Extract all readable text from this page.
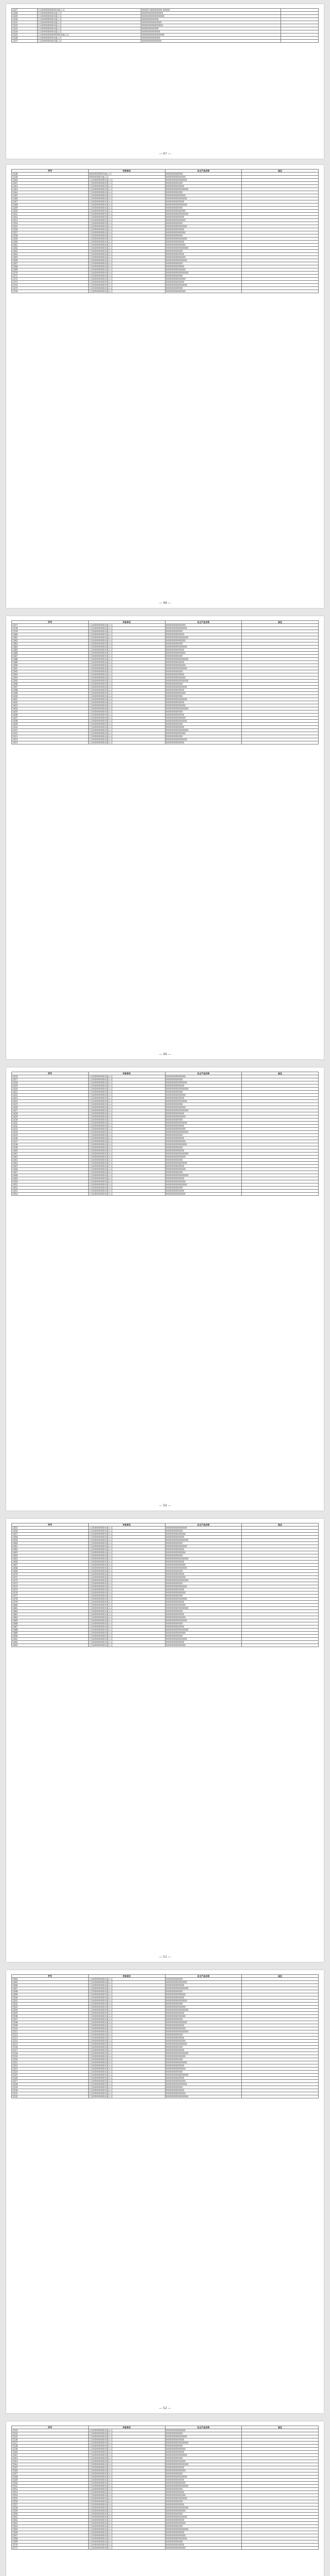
1327	江苏XXXXXXXXXX有限公司	XXXXX XXXXXXXXX XXXXX	
1328	江苏XXXXXXXX有限公司	XXXXXXXXXXXXXXX	
1329	江苏XXXXXXXX有限公司	XXXXXXXXXXXXXXXX	
1330	江苏XXXXXXXX有限公司	XXXXXXXXXXXX	
1331	江苏XXXXXXXX有限公司	XXXXXXXXXXXXXX	
1332	江苏XXXXXXXX有限公司	XXXXXXXXXXXXXXX	
1333	江苏XXXXXXXX有限公司	XXXXXXXXXXXX	
1334	江苏XXXXXXXX有限公司	XXXXXXXXXXXXX	
1335	江苏XXXXXXXXXXXXX有限公司	XXXXXXXXXXXXXXXX	
1336	江苏XXXXXXXX有限公司	XXXXXXXXXXXXX	
1337	江苏XXXXXXXX有限公司	XXXXXXXXXXXXXX	
— 47 —
序号	申报单位	自主产品名称	备注
1338	XXXXXXXXXX有限公司	XXXXXXXXXXXX	
1339	XXXXXXXX有限公司	XXXXXXXXXXXXXX	
1340	江苏XXXXXXXX有限公司	XXXXXXXXXXXXXXX	
1341	江苏XXXXXXXX有限公司	XXXXXXXXXXXX	
1342	江苏XXXXXXXX有限公司	XXXXXXXXXXXXX	
1343	江苏XXXXXXXX有限公司	XXXXXXXXXXXXXXXX	
1344	江苏XXXXXXXX有限公司	XXXXXXXXXXXX	
1345	江苏XXXXXXXX有限公司	XXXXXXXXXXXXXX	
1346	江苏XXXXXXXX有限公司	XXXXXXXXXXXXXXX	
1347	江苏XXXXXXXX有限公司	XXXXXXXXXXXXX	
1348	江苏XXXXXXXX有限公司	XXXXXXXXXXXXXXX	
1349	江苏XXXXXXXX有限公司	XXXXXXXXXXXX	
1350	江苏XXXXXXXX有限公司	XXXXXXXXXXXXXX	
1351	江苏XXXXXXXX有限公司	XXXXXXXXXXXXXXXX	
1352	江苏XXXXXXXX有限公司	XXXXXXXXXXXXX	
1353	江苏XXXXXXXX有限公司	XXXXXXXXXXXXXX	
1354	江苏XXXXXXXX有限公司	XXXXXXXXXXXX	
1355	江苏XXXXXXXX有限公司	XXXXXXXXXXXXXXX	
1356	江苏XXXXXXXX有限公司	XXXXXXXXXXXXX	
1357	江苏XXXXXXXX有限公司	XXXXXXXXXXXXXX	
1358	江苏XXXXXXXX有限公司	XXXXXXXXXXXX	
1359	江苏XXXXXXXX有限公司	XXXXXXXXXXXXXXX	
1360	江苏XXXXXXXX有限公司	XXXXXXXXXXXXX	
1361	江苏XXXXXXXX有限公司	XXXXXXXXXXXXXX	
1362	江苏XXXXXXXX有限公司	XXXXXXXXXXXXXXXX	
1363	江苏XXXXXXXX有限公司	XXXXXXXXXXXX	
1364	江苏XXXXXXXX有限公司	XXXXXXXXXXXXX	
1365	江苏XXXXXXXX有限公司	XXXXXXXXXXXXXX	
1366	江苏XXXXXXXX有限公司	XXXXXXXXXXXXXXX	
1367	江苏XXXXXXXX有限公司	XXXXXXXXXXXX	
1368	江苏XXXXXXXX有限公司	XXXXXXXXXXXXX	
1369	江苏XXXXXXXX有限公司	XXXXXXXXXXXXXX	
1370	江苏XXXXXXXX有限公司	XXXXXXXXXXXXXXXX	
1371	江苏XXXXXXXX有限公司	XXXXXXXXXXXX	
1372	江苏XXXXXXXX有限公司	XXXXXXXXXXXXXX	
1373	江苏XXXXXXXX有限公司	XXXXXXXXXXXXX	
1374	江苏XXXXXXXX有限公司	XXXXXXXXXXXXXXX	
1375	江苏XXXXXXXX有限公司	XXXXXXXXXXXX	
1376	江苏XXXXXXXX有限公司	XXXXXXXXXXXXXX	
— 48 —
序号	申报单位	自主产品名称	备注
1377	江苏XXXXXXXX有限公司	XXXXXXXXXXXXXX	
1378	江苏XXXXXXXX有限公司	XXXXXXXXXXXXXXX	
1379	江苏XXXXXXXX有限公司	XXXXXXXXXXXX	
1380	江苏XXXXXXXX有限公司	XXXXXXXXXXXXX	
1381	江苏XXXXXXXX有限公司	XXXXXXXXXXXXXXXX	
1382	江苏XXXXXXXX有限公司	XXXXXXXXXXXXXX	
1383	江苏XXXXXXXX有限公司	XXXXXXXXXXXX	
1384	江苏XXXXXXXX有限公司	XXXXXXXXXXXXXXX	
1385	江苏XXXXXXXX有限公司	XXXXXXXXXXXXX	
1386	江苏XXXXXXXX有限公司	XXXXXXXXXXXXXX	
1387	江苏XXXXXXXX有限公司	XXXXXXXXXXXX	
1388	江苏XXXXXXXX有限公司	XXXXXXXXXXXXXXXX	
1389	江苏XXXXXXXX有限公司	XXXXXXXXXXXXX	
1390	江苏XXXXXXXX有限公司	XXXXXXXXXXXXXX	
1391	江苏XXXXXXXX有限公司	XXXXXXXXXXXXXXX	
1392	江苏XXXXXXXX有限公司	XXXXXXXXXXXX	
1393	江苏XXXXXXXX有限公司	XXXXXXXXXXXXX	
1394	江苏XXXXXXXX有限公司	XXXXXXXXXXXXXX	
1395	江苏XXXXXXXX有限公司	XXXXXXXXXXXXXXXX	
1396	江苏XXXXXXXX有限公司	XXXXXXXXXXXX	
1397	江苏XXXXXXXX有限公司	XXXXXXXXXXXXXXX	
1398	江苏XXXXXXXX有限公司	XXXXXXXXXXXXX	
1399	江苏XXXXXXXX有限公司	XXXXXXXXXXXXXX	
1400	江苏XXXXXXXX有限公司	XXXXXXXXXXXX	
1401	江苏XXXXXXXX有限公司	XXXXXXXXXXXXXXX	
1402	江苏XXXXXXXX有限公司	XXXXXXXXXXXXX	
1403	江苏XXXXXXXX有限公司	XXXXXXXXXXXXXX	
1404	江苏XXXXXXXX有限公司	XXXXXXXXXXXXXXXX	
1405	江苏XXXXXXXX有限公司	XXXXXXXXXXXX	
1406	江苏XXXXXXXX有限公司	XXXXXXXXXXXXX	
1407	江苏XXXXXXXX有限公司	XXXXXXXXXXXXXX	
1408	江苏XXXXXXXX有限公司	XXXXXXXXXXXXXXX	
1409	江苏XXXXXXXX有限公司	XXXXXXXXXXXX	
1410	江苏XXXXXXXX有限公司	XXXXXXXXXXXXX	
1411	江苏XXXXXXXX有限公司	XXXXXXXXXXXXXXXX	
1412	江苏XXXXXXXX有限公司	XXXXXXXXXXXXXX	
1413	江苏XXXXXXXX有限公司	XXXXXXXXXXXX	
1414	江苏XXXXXXXX有限公司	XXXXXXXXXXXXXXX	
1415	江苏XXXXXXXX有限公司	XXXXXXXXXXXXX	
— 49 —
序号	申报单位	自主产品名称	备注
1416	江苏XXXXXXXX有限公司	XXXXXXXXXXXXXX	
1417	江苏XXXXXXXX有限公司	XXXXXXXXXXXX	
1418	江苏XXXXXXXX有限公司	XXXXXXXXXXXXXXX	
1419	江苏XXXXXXXX有限公司	XXXXXXXXXXXXX	
1420	江苏XXXXXXXX有限公司	XXXXXXXXXXXXXXXX	
1421	江苏XXXXXXXX有限公司	XXXXXXXXXXXX	
1422	江苏XXXXXXXX有限公司	XXXXXXXXXXXXXX	
1423	江苏XXXXXXXX有限公司	XXXXXXXXXXXXX	
1424	江苏XXXXXXXX有限公司	XXXXXXXXXXXXXXX	
1425	江苏XXXXXXXX有限公司	XXXXXXXXXXXX	
1426	江苏XXXXXXXX有限公司	XXXXXXXXXXXXXX	
1427	江苏XXXXXXXX有限公司	XXXXXXXXXXXXXXXX	
1428	江苏XXXXXXXX有限公司	XXXXXXXXXXXXX	
1429	江苏XXXXXXXX有限公司	XXXXXXXXXXXXXX	
1430	江苏XXXXXXXX有限公司	XXXXXXXXXXXX	
1431	江苏XXXXXXXX有限公司	XXXXXXXXXXXXXXX	
1432	江苏XXXXXXXX有限公司	XXXXXXXXXXXXX	
1433	江苏XXXXXXXX有限公司	XXXXXXXXXXXXXX	
1434	江苏XXXXXXXX有限公司	XXXXXXXXXXXXXXXX	
1435	江苏XXXXXXXX有限公司	XXXXXXXXXXXX	
1436	江苏XXXXXXXX有限公司	XXXXXXXXXXXXX	
1437	江苏XXXXXXXX有限公司	XXXXXXXXXXXXXX	
1438	江苏XXXXXXXX有限公司	XXXXXXXXXXXXXXX	
1439	江苏XXXXXXXX有限公司	XXXXXXXXXXXX	
1440	江苏XXXXXXXX有限公司	XXXXXXXXXXXXX	
1441	江苏XXXXXXXX有限公司	XXXXXXXXXXXXXXXX	
1442	江苏XXXXXXXX有限公司	XXXXXXXXXXXXXX	
1443	江苏XXXXXXXX有限公司	XXXXXXXXXXXX	
1444	江苏XXXXXXXX有限公司	XXXXXXXXXXXXXXX	
1445	江苏XXXXXXXX有限公司	XXXXXXXXXXXXX	
1446	江苏XXXXXXXX有限公司	XXXXXXXXXXXXXX	
1447	江苏XXXXXXXX有限公司	XXXXXXXXXXXX	
1448	江苏XXXXXXXX有限公司	XXXXXXXXXXXXXXXX	
1449	江苏XXXXXXXX有限公司	XXXXXXXXXXXXX	
1450	江苏XXXXXXXX有限公司	XXXXXXXXXXXXXX	
1451	江苏XXXXXXXX有限公司	XXXXXXXXXXXXXXX	
1452	江苏XXXXXXXX有限公司	XXXXXXXXXXXX	
1453	江苏XXXXXXXX有限公司	XXXXXXXXXXXXX	
1454	江苏XXXXXXXX有限公司	XXXXXXXXXXXXXX	
— 50 —
序号	申报单位	自主产品名称	备注
1455	江苏XXXXXXXX有限公司	XXXXXXXXXXXXXXX	
1456	江苏XXXXXXXX有限公司	XXXXXXXXXXXX	
1457	江苏XXXXXXXX有限公司	XXXXXXXXXXXXXX	
1458	江苏XXXXXXXX有限公司	XXXXXXXXXXXXX	
1459	江苏XXXXXXXX有限公司	XXXXXXXXXXXXXXXX	
1460	江苏XXXXXXXX有限公司	XXXXXXXXXXXX	
1461	江苏XXXXXXXX有限公司	XXXXXXXXXXXXXXX	
1462	江苏XXXXXXXX有限公司	XXXXXXXXXXXXX	
1463	江苏XXXXXXXX有限公司	XXXXXXXXXXXXXX	
1464	江苏XXXXXXXX有限公司	XXXXXXXXXXXX	
1465	江苏XXXXXXXX有限公司	XXXXXXXXXXXXXXXX	
1466	江苏XXXXXXXX有限公司	XXXXXXXXXXXXX	
1467	江苏XXXXXXXX有限公司	XXXXXXXXXXXXXX	
1468	江苏XXXXXXXX有限公司	XXXXXXXXXXXXXXX	
1469	江苏XXXXXXXX有限公司	XXXXXXXXXXXX	
1470	江苏XXXXXXXX有限公司	XXXXXXXXXXXXX	
1471	江苏XXXXXXXX有限公司	XXXXXXXXXXXXXX	
1472	江苏XXXXXXXX有限公司	XXXXXXXXXXXXXXXX	
1473	江苏XXXXXXXX有限公司	XXXXXXXXXXXX	
1474	江苏XXXXXXXX有限公司	XXXXXXXXXXXXXXX	
1475	江苏XXXXXXXX有限公司	XXXXXXXXXXXXX	
1476	江苏XXXXXXXX有限公司	XXXXXXXXXXXXXX	
1477	江苏XXXXXXXX有限公司	XXXXXXXXXXXX	
1478	江苏XXXXXXXX有限公司	XXXXXXXXXXXXXXX	
1479	江苏XXXXXXXX有限公司	XXXXXXXXXXXXX	
1480	江苏XXXXXXXX有限公司	XXXXXXXXXXXXXX	
1481	江苏XXXXXXXX有限公司	XXXXXXXXXXXXXXXX	
1482	江苏XXXXXXXX有限公司	XXXXXXXXXXXX	
1483	江苏XXXXXXXX有限公司	XXXXXXXXXXXXX	
1484	江苏XXXXXXXX有限公司	XXXXXXXXXXXXXX	
1485	江苏XXXXXXXX有限公司	XXXXXXXXXXXXXXX	
1486	江苏XXXXXXXX有限公司	XXXXXXXXXXXX	
1487	江苏XXXXXXXX有限公司	XXXXXXXXXXXXX	
1488	江苏XXXXXXXX有限公司	XXXXXXXXXXXXXXXX	
1489	江苏XXXXXXXX有限公司	XXXXXXXXXXXXXX	
1490	江苏XXXXXXXX有限公司	XXXXXXXXXXXX	
1491	江苏XXXXXXXX有限公司	XXXXXXXXXXXXXXX	
1492	江苏XXXXXXXX有限公司	XXXXXXXXXXXXX	
1493	江苏XXXXXXXX有限公司	XXXXXXXXXXXXXX	
— 51 —
序号	申报单位	自主产品名称	备注
1494	江苏XXXXXXXX有限公司	XXXXXXXXXXXX	
1495	江苏XXXXXXXX有限公司	XXXXXXXXXXXXXXX	
1496	江苏XXXXXXXX有限公司	XXXXXXXXXXXXX	
1497	江苏XXXXXXXX有限公司	XXXXXXXXXXXXXXXX	
1498	江苏XXXXXXXX有限公司	XXXXXXXXXXXX	
1499	江苏XXXXXXXX有限公司	XXXXXXXXXXXXXX	
1500	江苏XXXXXXXX有限公司	XXXXXXXXXXXXX	
1501	江苏XXXXXXXX有限公司	XXXXXXXXXXXXXXX	
1502	江苏XXXXXXXX有限公司	XXXXXXXXXXXX	
1503	江苏XXXXXXXX有限公司	XXXXXXXXXXXXXX	
1504	江苏XXXXXXXX有限公司	XXXXXXXXXXXXXXXX	
1505	江苏XXXXXXXX有限公司	XXXXXXXXXXXXX	
1506	江苏XXXXXXXX有限公司	XXXXXXXXXXXXXX	
1507	江苏XXXXXXXX有限公司	XXXXXXXXXXXX	
1508	江苏XXXXXXXX有限公司	XXXXXXXXXXXXXXX	
1509	江苏XXXXXXXX有限公司	XXXXXXXXXXXXX	
1510	江苏XXXXXXXX有限公司	XXXXXXXXXXXXXX	
1511	江苏XXXXXXXX有限公司	XXXXXXXXXXXXXXXX	
1512	江苏XXXXXXXX有限公司	XXXXXXXXXXXX	
1513	江苏XXXXXXXX有限公司	XXXXXXXXXXXXX	
1514	江苏XXXXXXXX有限公司	XXXXXXXXXXXXXX	
1515	江苏XXXXXXXX有限公司	XXXXXXXXXXXXXXX	
1516	江苏XXXXXXXX有限公司	XXXXXXXXXXXX	
1517	江苏XXXXXXXX有限公司	XXXXXXXXXXXXX	
1518	江苏XXXXXXXX有限公司	XXXXXXXXXXXXXXXX	
1519	江苏XXXXXXXX有限公司	XXXXXXXXXXXXXX	
1520	江苏XXXXXXXX有限公司	XXXXXXXXXXXX	
1521	江苏XXXXXXXX有限公司	XXXXXXXXXXXXXXX	
1522	江苏XXXXXXXX有限公司	XXXXXXXXXXXXX	
1523	江苏XXXXXXXX有限公司	XXXXXXXXXXXXXX	
1524	江苏XXXXXXXX有限公司	XXXXXXXXXXXX	
1525	江苏XXXXXXXX有限公司	XXXXXXXXXXXXXXXX	
1526	江苏XXXXXXXX有限公司	XXXXXXXXXXXXX	
1527	江苏XXXXXXXX有限公司	XXXXXXXXXXXXXX	
1528	江苏XXXXXXXX有限公司	XXXXXXXXXXXXXXX	
1529	江苏XXXXXXXX有限公司	XXXXXXXXXXXX	
1530	江苏XXXXXXXX有限公司	XXXXXXXXXXXXX	
1531	江苏XXXXXXXX有限公司	XXXXXXXXXXXXXX	
1532	江苏XXXXXXXX有限公司	XXXXXXXXXXXXXXXX	
— 52 —
序号	申报单位	自主产品名称	备注
1533	江苏XXXXXXXX有限公司	XXXXXXXXXXXXXX	
1534	江苏XXXXXXXX有限公司	XXXXXXXXXXXX	
1535	江苏XXXXXXXX有限公司	XXXXXXXXXXXXXXX	
1536	江苏XXXXXXXX有限公司	XXXXXXXXXXXXX	
1537	江苏XXXXXXXX有限公司	XXXXXXXXXXXXXXXX	
1538	江苏XXXXXXXX有限公司	XXXXXXXXXXXX	
1539	江苏XXXXXXXX有限公司	XXXXXXXXXXXXXX	
1540	江苏XXXXXXXX有限公司	XXXXXXXXXXXXX	
1541	江苏XXXXXXXX有限公司	XXXXXXXXXXXXXXX	
1542	江苏XXXXXXXX有限公司	XXXXXXXXXXXX	
1543	江苏XXXXXXXX有限公司	XXXXXXXXXXXXXX	
1544	江苏XXXXXXXX有限公司	XXXXXXXXXXXXXXXX	
1545	江苏XXXXXXXX有限公司	XXXXXXXXXXXXX	
1546	江苏XXXXXXXX有限公司	XXXXXXXXXXXXXX	
1547	江苏XXXXXXXX有限公司	XXXXXXXXXXXX	
1548	江苏XXXXXXXX有限公司	XXXXXXXXXXXXXXX	
1549	江苏XXXXXXXX有限公司	XXXXXXXXXXXXX	
1550	江苏XXXXXXXX有限公司	XXXXXXXXXXXXXX	
1551	江苏XXXXXXXX有限公司	XXXXXXXXXXXXXXXX	
1552	江苏XXXXXXXX有限公司	XXXXXXXXXXXX	
1553	江苏XXXXXXXX有限公司	XXXXXXXXXXXXX	
1554	江苏XXXXXXXX有限公司	XXXXXXXXXXXXXX	
1555	江苏XXXXXXXX有限公司	XXXXXXXXXXXXXXX	
1556	江苏XXXXXXXX有限公司	XXXXXXXXXXXX	
1557	江苏XXXXXXXX有限公司	XXXXXXXXXXXXX	
1558	江苏XXXXXXXX有限公司	XXXXXXXXXXXXXXXX	
1559	江苏XXXXXXXX有限公司	XXXXXXXXXXXXXX	
1560	江苏XXXXXXXX有限公司	XXXXXXXXXXXX	
1561	江苏XXXXXXXX有限公司	XXXXXXXXXXXXXXX	
1562	江苏XXXXXXXX有限公司	XXXXXXXXXXXXX	
1563	江苏XXXXXXXX有限公司	XXXXXXXXXXXXXX	
1564	江苏XXXXXXXX有限公司	XXXXXXXXXXXX	
1565	江苏XXXXXXXX有限公司	XXXXXXXXXXXXXXXX	
1566	江苏XXXXXXXX有限公司	XXXXXXXXXXXXX	
1567	江苏XXXXXXXX有限公司	XXXXXXXXXXXXXX	
1568	江苏XXXXXXXX有限公司	XXXXXXXXXXXXXXX	
1569	江苏XXXXXXXX有限公司	XXXXXXXXXXXX	
1570	江苏XXXXXXXX有限公司	XXXXXXXXXXXXX	
1571	江苏XXXXXXXX有限公司	XXXXXXXXXXXXXX	
